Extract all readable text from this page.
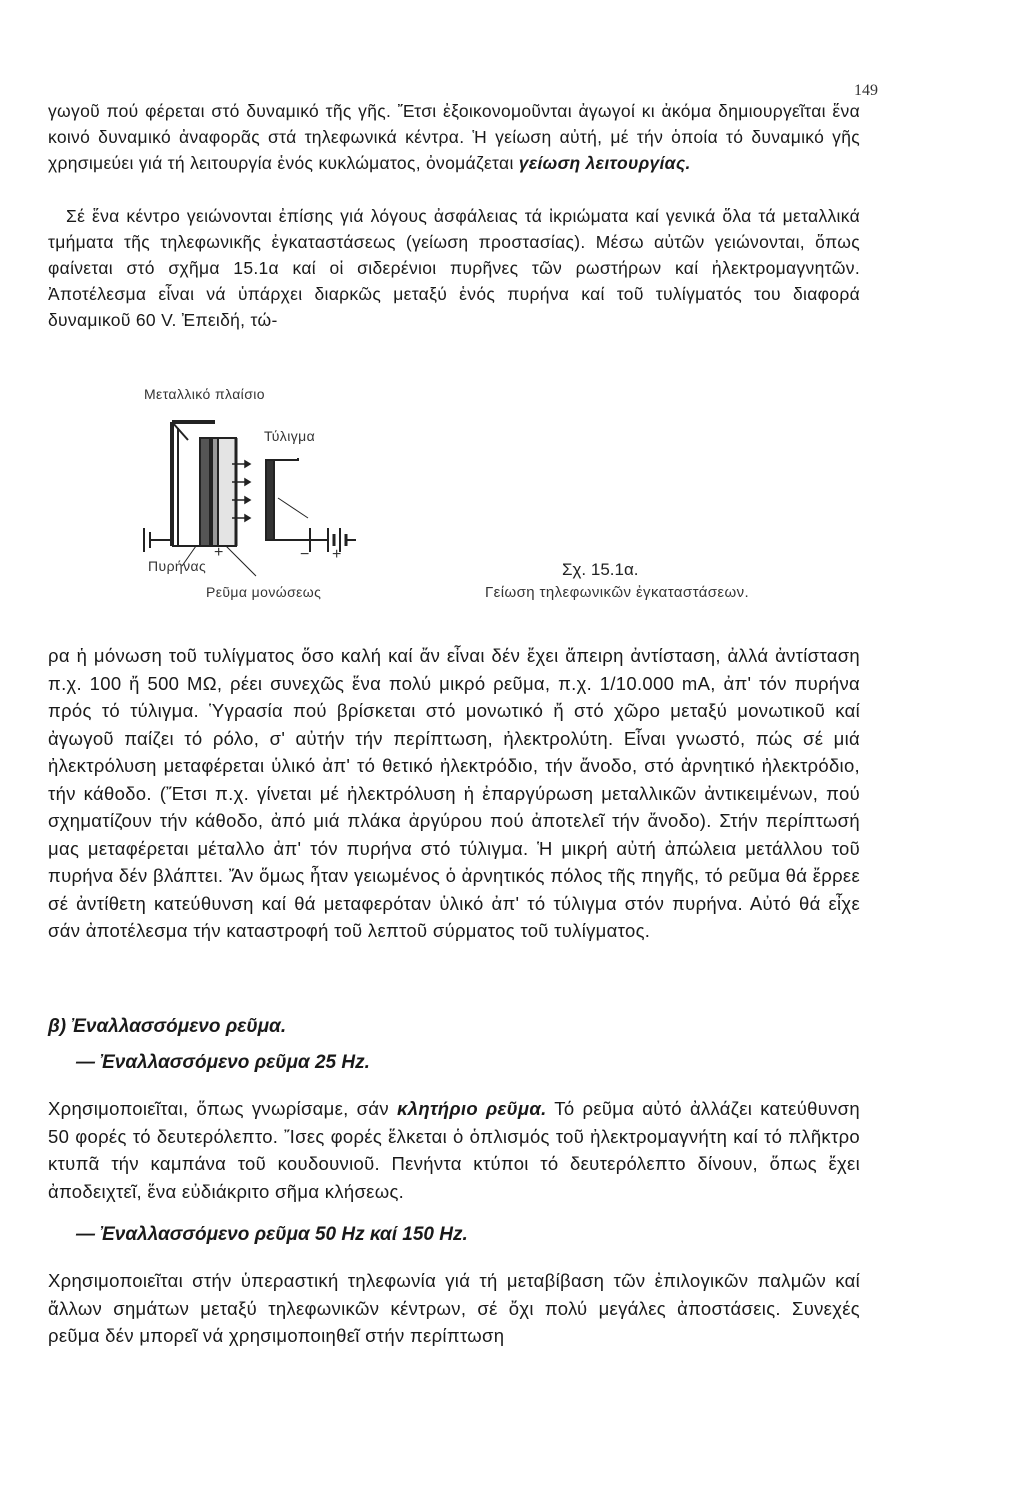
149

γωγοῦ πού φέρεται στό δυναμικό τῆς γῆς. Ἔτσι ἐξοικονομοῦνται ἀγωγοί κι ἀκόμα δημιουργεῖται ἕνα κοινό δυναμικό ἀναφορᾶς στά τηλεφωνικά κέντρα. Ἡ γείωση αὐτή, μέ τήν ὁποία τό δυναμικό γῆς χρησιμεύει γιά τή λειτουργία ἑνός κυκλώματος, ὀνομάζεται γείωση λειτουργίας.

Σέ ἕνα κέντρο γειώνονται ἐπίσης γιά λόγους ἀσφάλειας τά ἰκριώματα καί γενικά ὅλα τά μεταλλικά τμήματα τῆς τηλεφωνικῆς ἐγκαταστάσεως (γείωση προστασίας). Μέσω αὐτῶν γειώνονται, ὅπως φαίνεται στό σχῆμα 15.1α καί οἱ σιδερένιοι πυρῆνες τῶν ρωστήρων καί ἠλεκτρομαγνητῶν. Ἀποτέλεσμα εἶναι νά ὑπάρχει διαρκῶς μεταξύ ἑνός πυρήνα καί τοῦ τυλίγματός του διαφορά δυναμικοῦ 60 V. Ἐπειδή, τώ-

Μεταλλικό πλαίσιο
Τύλιγμα
Πυρήνας
Ρεῦμα μονώσεως
+	− +
Σχ. 15.1α.
Γείωση τηλεφωνικῶν ἐγκαταστάσεων.

ρα ἡ μόνωση τοῦ τυλίγματος ὅσο καλή καί ἄν εἶναι δέν ἔχει ἄπειρη ἀντίσταση, ἀλλά ἀντίσταση π.χ. 100 ἤ 500 ΜΩ, ρέει συνεχῶς ἕνα πολύ μικρό ρεῦμα, π.χ. 1/10.000 mA, ἀπ' τόν πυρήνα πρός τό τύλιγμα. Ὑγρασία πού βρίσκεται στό μονωτικό ἤ στό χῶρο μεταξύ μονωτικοῦ καί ἀγωγοῦ παίζει τό ρόλο, σ' αὐτήν τήν περίπτωση, ἠλεκτρολύτη. Εἶναι γνωστό, πώς σέ μιά ἠλεκτρόλυση μεταφέρεται ὑλικό ἀπ' τό θετικό ἠλεκτρόδιο, τήν ἄνοδο, στό ἀρνητικό ἠλεκτρόδιο, τήν κάθοδο. (Ἔτσι π.χ. γίνεται μέ ἠλεκτρόλυση ἡ ἐπαργύρωση μεταλλικῶν ἀντικειμένων, πού σχηματίζουν τήν κάθοδο, ἀπό μιά πλάκα ἀργύρου πού ἀποτελεῖ τήν ἄνοδο). Στήν περίπτωσή μας μεταφέρεται μέταλλο ἀπ' τόν πυρήνα στό τύλιγμα. Ἡ μικρή αὐτή ἀπώλεια μετάλλου τοῦ πυρήνα δέν βλάπτει. Ἄν ὅμως ἦταν γειωμένος ὁ ἀρνητικός πόλος τῆς πηγῆς, τό ρεῦμα θά ἔρρεε σέ ἀντίθετη κατεύθυνση καί θά μεταφερόταν ὑλικό ἀπ' τό τύλιγμα στόν πυρήνα. Αὐτό θά εἶχε σάν ἀποτέλεσμα τήν καταστροφή τοῦ λεπτοῦ σύρματος τοῦ τυλίγματος.

β) Ἐναλλασσόμενο ρεῦμα.
— Ἐναλλασσόμενο ρεῦμα 25 Hz.

Χρησιμοποιεῖται, ὅπως γνωρίσαμε, σάν κλητήριο ρεῦμα. Τό ρεῦμα αὐτό ἀλλάζει κατεύθυνση 50 φορές τό δευτερόλεπτο. Ἴσες φορές ἕλκεται ὁ ὁπλισμός τοῦ ἠλεκτρομαγνήτη καί τό πλῆκτρο κτυπᾶ τήν καμπάνα τοῦ κουδουνιοῦ. Πενήντα κτύποι τό δευτερόλεπτο δίνουν, ὅπως ἔχει ἀποδειχτεῖ, ἕνα εὐδιάκριτο σῆμα κλήσεως.

— Ἐναλλασσόμενο ρεῦμα 50 Hz καί 150 Hz.

Χρησιμοποιεῖται στήν ὑπεραστική τηλεφωνία γιά τή μεταβίβαση τῶν ἐπιλογικῶν παλμῶν καί ἄλλων σημάτων μεταξύ τηλεφωνικῶν κέντρων, σέ ὄχι πολύ μεγάλες ἀποστάσεις. Συνεχές ρεῦμα δέν μπορεῖ νά χρησιμοποιηθεῖ στήν περίπτωση
